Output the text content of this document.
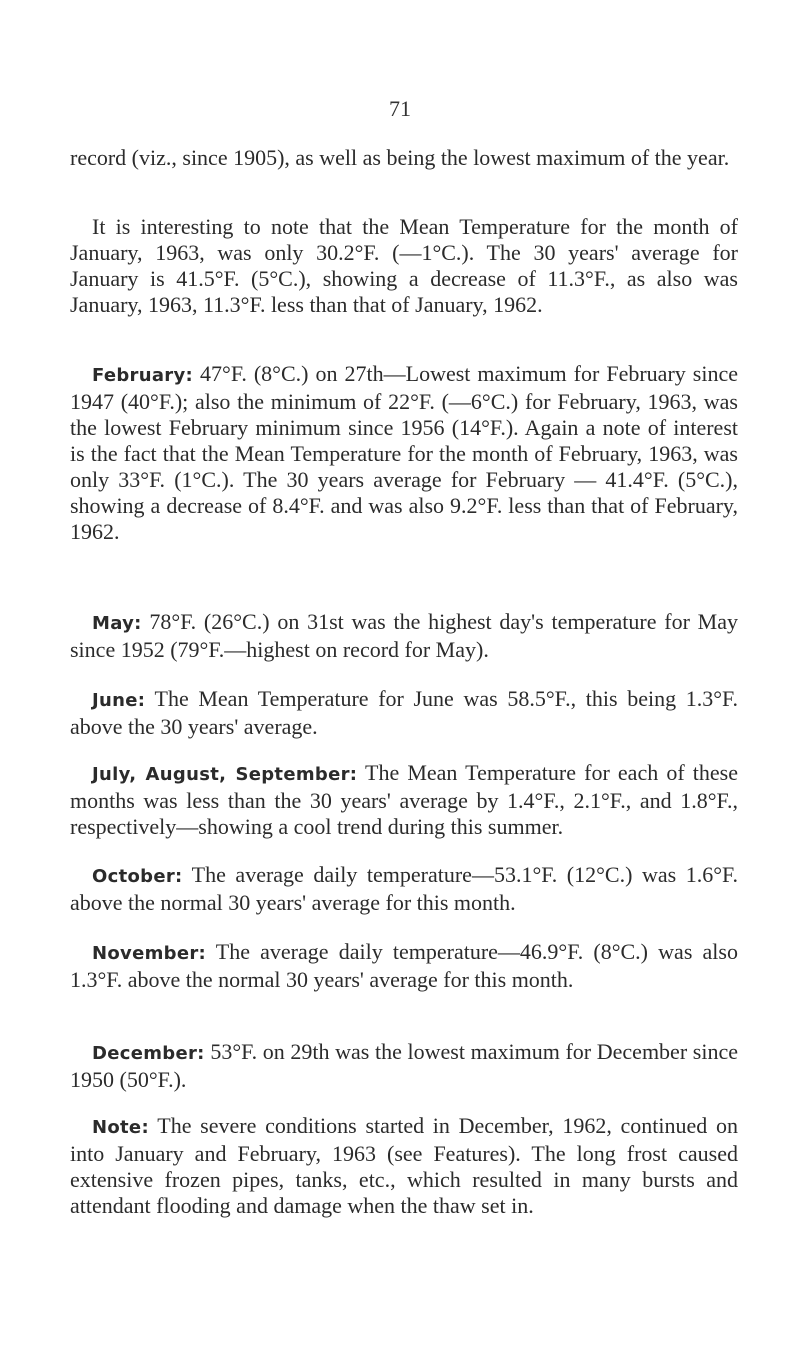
71

record (viz., since 1905), as well as being the lowest maximum of the year.

It is interesting to note that the Mean Temperature for the month of January, 1963, was only 30.2°F. (—1°C.). The 30 years' average for January is 41.5°F. (5°C.), showing a decrease of 11.3°F., as also was January, 1963, 11.3°F. less than that of January, 1962.

February: 47°F. (8°C.) on 27th—Lowest maximum for February since 1947 (40°F.); also the minimum of 22°F. (—6°C.) for February, 1963, was the lowest February minimum since 1956 (14°F.). Again a note of interest is the fact that the Mean Temperature for the month of February, 1963, was only 33°F. (1°C.). The 30 years average for February — 41.4°F. (5°C.), showing a decrease of 8.4°F. and was also 9.2°F. less than that of February, 1962.

May: 78°F. (26°C.) on 31st was the highest day's temperature for May since 1952 (79°F.—highest on record for May).

June: The Mean Temperature for June was 58.5°F., this being 1.3°F. above the 30 years' average.

July, August, September: The Mean Temperature for each of these months was less than the 30 years' average by 1.4°F., 2.1°F., and 1.8°F., respectively—showing a cool trend during this summer.

October: The average daily temperature—53.1°F. (12°C.) was 1.6°F. above the normal 30 years' average for this month.

November: The average daily temperature—46.9°F. (8°C.) was also 1.3°F. above the normal 30 years' average for this month.

December: 53°F. on 29th was the lowest maximum for December since 1950 (50°F.).

Note: The severe conditions started in December, 1962, continued on into January and February, 1963 (see Features). The long frost caused extensive frozen pipes, tanks, etc., which resulted in many bursts and attendant flooding and damage when the thaw set in.
